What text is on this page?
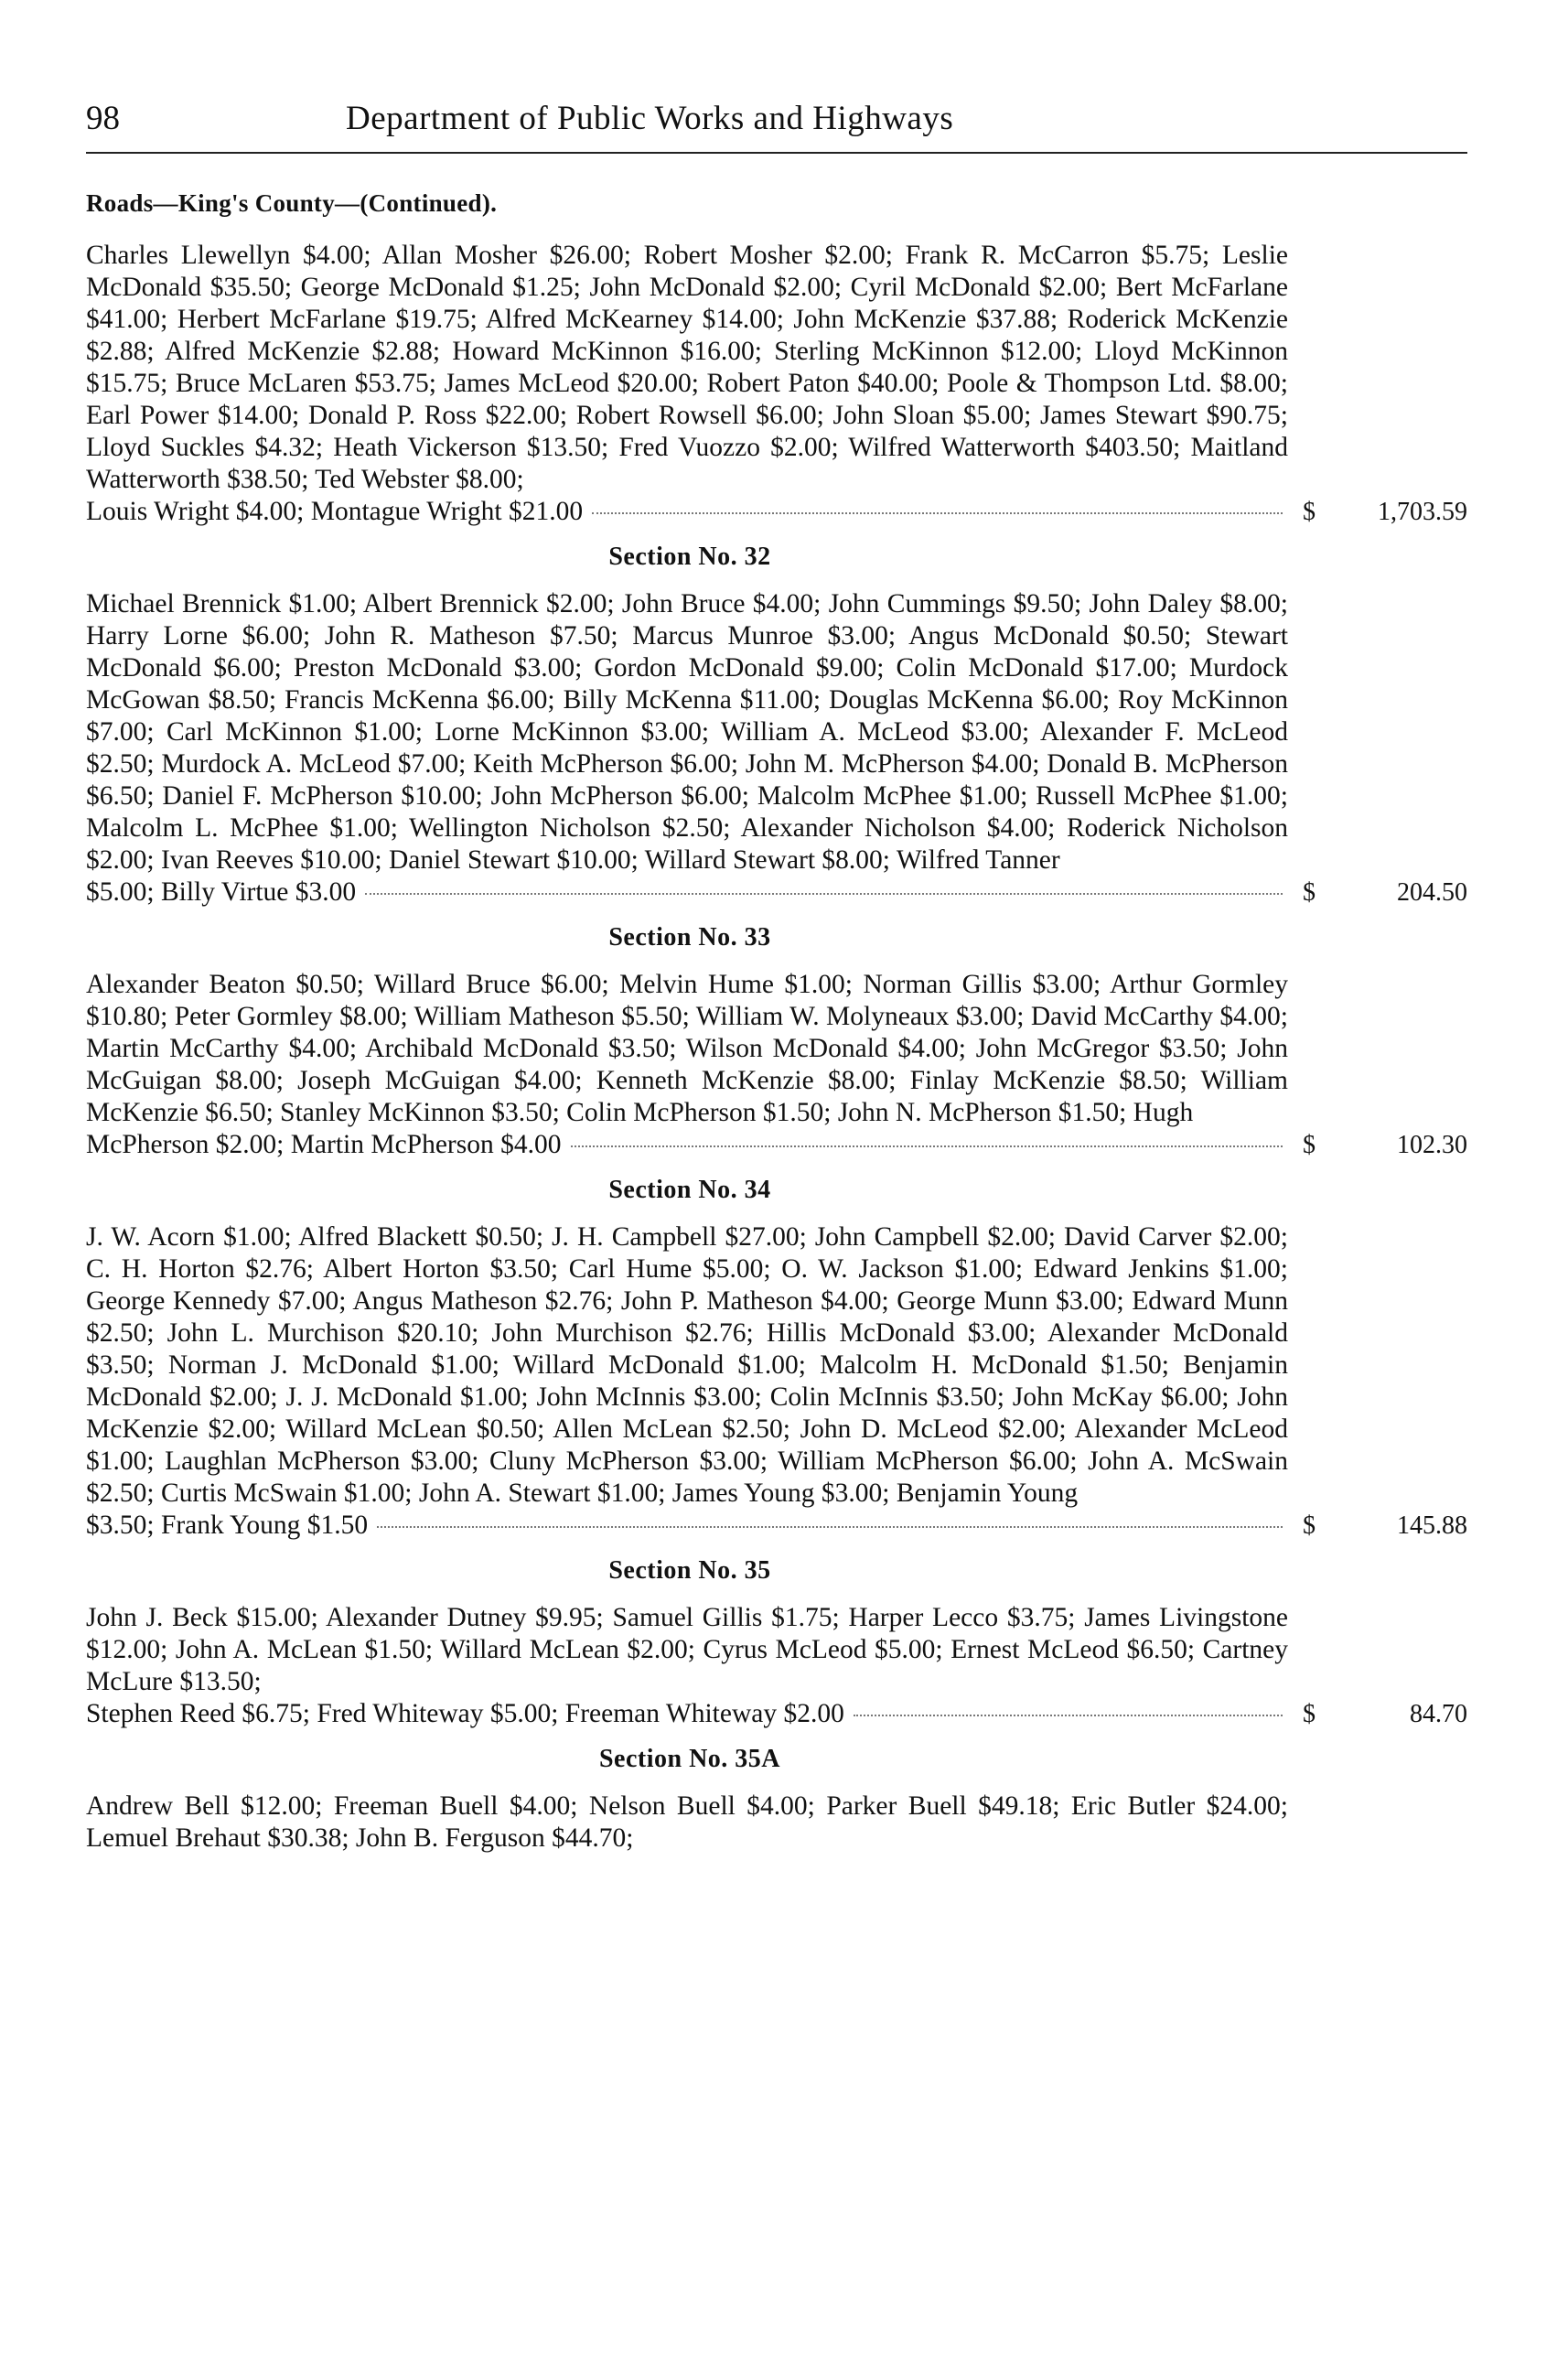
98	Department of Public Works and Highways
Roads—King's County—(Continued).
Charles Llewellyn $4.00; Allan Mosher $26.00; Robert Mosher $2.00; Frank R. McCarron $5.75; Leslie McDonald $35.50; George McDonald $1.25; John McDonald $2.00; Cyril McDonald $2.00; Bert McFarlane $41.00; Herbert McFarlane $19.75; Alfred McKearney $14.00; John McKenzie $37.88; Roderick McKenzie $2.88; Alfred McKenzie $2.88; Howard McKinnon $16.00; Sterling McKinnon $12.00; Lloyd McKinnon $15.75; Bruce McLaren $53.75; James McLeod $20.00; Robert Paton $40.00; Poole & Thompson Ltd. $8.00; Earl Power $14.00; Donald P. Ross $22.00; Robert Rowsell $6.00; John Sloan $5.00; James Stewart $90.75; Lloyd Suckles $4.32; Heath Vickerson $13.50; Fred Vuozzo $2.00; Wilfred Watterworth $403.50; Maitland Watterworth $38.50; Ted Webster $8.00;
Louis Wright $4.00; Montague Wright $21.00	$ 1,703.59
Section No. 32
Michael Brennick $1.00; Albert Brennick $2.00; John Bruce $4.00; John Cummings $9.50; John Daley $8.00; Harry Lorne $6.00; John R. Matheson $7.50; Marcus Munroe $3.00; Angus McDonald $0.50; Stewart McDonald $6.00; Preston McDonald $3.00; Gordon McDonald $9.00; Colin McDonald $17.00; Murdock McGowan $8.50; Francis McKenna $6.00; Billy McKenna $11.00; Douglas McKenna $6.00; Roy McKinnon $7.00; Carl McKinnon $1.00; Lorne McKinnon $3.00; William A. McLeod $3.00; Alexander F. McLeod $2.50; Murdock A. McLeod $7.00; Keith McPherson $6.00; John M. McPherson $4.00; Donald B. McPherson $6.50; Daniel F. McPherson $10.00; John McPherson $6.00; Malcolm McPhee $1.00; Russell McPhee $1.00; Malcolm L. McPhee $1.00; Wellington Nicholson $2.50; Alexander Nicholson $4.00; Roderick Nicholson $2.00; Ivan Reeves $10.00; Daniel Stewart $10.00; Willard Stewart $8.00; Wilfred Tanner
$5.00; Billy Virtue $3.00	$	204.50
Section No. 33
Alexander Beaton $0.50; Willard Bruce $6.00; Melvin Hume $1.00; Norman Gillis $3.00; Arthur Gormley $10.80; Peter Gormley $8.00; William Matheson $5.50; William W. Molyneaux $3.00; David McCarthy $4.00; Martin McCarthy $4.00; Archibald McDonald $3.50; Wilson McDonald $4.00; John McGregor $3.50; John McGuigan $8.00; Joseph McGuigan $4.00; Kenneth McKenzie $8.00; Finlay McKenzie $8.50; William McKenzie $6.50; Stanley McKinnon $3.50; Colin McPherson $1.50; John N. McPherson $1.50; Hugh
McPherson $2.00; Martin McPherson $4.00	$	102.30
Section No. 34
J. W. Acorn $1.00; Alfred Blackett $0.50; J. H. Campbell $27.00; John Campbell $2.00; David Carver $2.00; C. H. Horton $2.76; Albert Horton $3.50; Carl Hume $5.00; O. W. Jackson $1.00; Edward Jenkins $1.00; George Kennedy $7.00; Angus Matheson $2.76; John P. Matheson $4.00; George Munn $3.00; Edward Munn $2.50; John L. Murchison $20.10; John Murchison $2.76; Hillis McDonald $3.00; Alexander McDonald $3.50; Norman J. McDonald $1.00; Willard McDonald $1.00; Malcolm H. McDonald $1.50; Benjamin McDonald $2.00; J. J. McDonald $1.00; John McInnis $3.00; Colin McInnis $3.50; John McKay $6.00; John McKenzie $2.00; Willard McLean $0.50; Allen McLean $2.50; John D. McLeod $2.00; Alexander McLeod $1.00; Laughlan McPherson $3.00; Cluny McPherson $3.00; William McPherson $6.00; John A. McSwain $2.50; Curtis McSwain $1.00; John A. Stewart $1.00; James Young $3.00; Benjamin Young
$3.50; Frank Young $1.50	$	145.88
Section No. 35
John J. Beck $15.00; Alexander Dutney $9.95; Samuel Gillis $1.75; Harper Lecco $3.75; James Livingstone $12.00; John A. McLean $1.50; Willard McLean $2.00; Cyrus McLeod $5.00; Ernest McLeod $6.50; Cartney McLure $13.50;
Stephen Reed $6.75; Fred Whiteway $5.00; Freeman Whiteway $2.00	$	84.70
Section No. 35A
Andrew Bell $12.00; Freeman Buell $4.00; Nelson Buell $4.00; Parker Buell $49.18; Eric Butler $24.00; Lemuel Brehaut $30.38; John B. Ferguson $44.70;
